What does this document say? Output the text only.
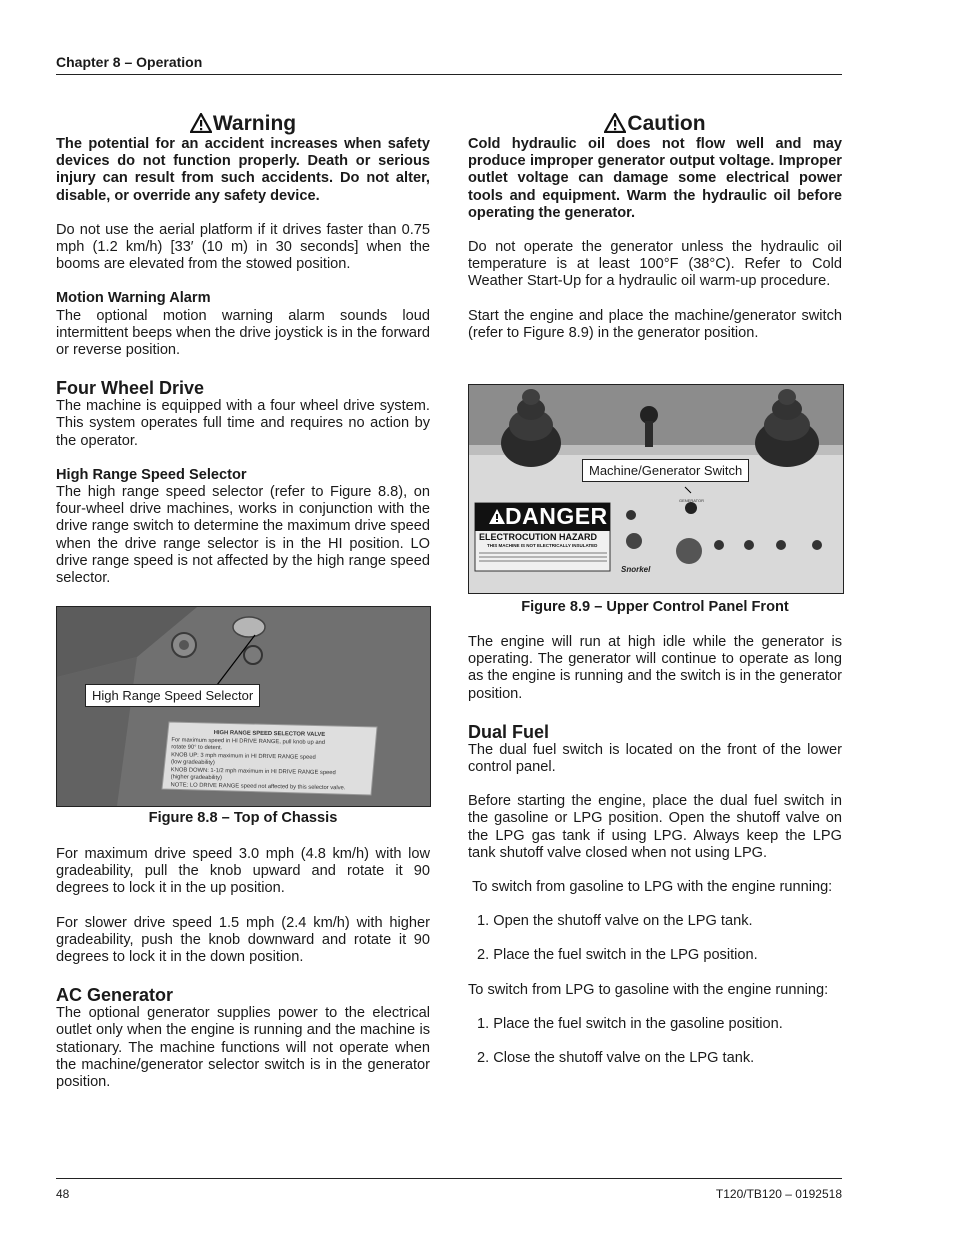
Chapter 8 – Operation
Warning

The potential for an accident increases when safety devices do not function properly. Death or serious injury can result from such accidents. Do not alter, disable, or override any safety device.

Do not use the aerial platform if it drives faster than 0.75 mph (1.2 km/h) [33′ (10 m) in 30 seconds] when the booms are elevated from the stowed position.

Motion Warning Alarm

The optional motion warning alarm sounds loud intermittent beeps when the drive joystick is in the forward or reverse position.

Four Wheel Drive

The machine is equipped with a four wheel drive system. This system operates full time and requires no action by the operator.

High Range Speed Selector

The high range speed selector (refer to Figure 8.8), on four-wheel drive machines, works in conjunction with the drive range switch to determine the maximum drive speed when the drive range selector is in the HI position. LO drive range speed is not affected by the high range speed selector.

HIGH RANGE SPEED SELECTOR VALVE
For maximum speed in HI DRIVE RANGE, pull knob up and
rotate 90° to detent.
KNOB UP: 3 mph maximum in HI DRIVE RANGE speed
(low gradeability)
KNOB DOWN: 1-1/2 mph maximum in HI DRIVE RANGE speed
(higher gradeability)
NOTE: LO DRIVE RANGE speed not affected by this selector valve.
High Range Speed Selector
Figure 8.8 – Top of Chassis

For maximum drive speed 3.0 mph (4.8 km/h) with low gradeability, pull the knob upward and rotate it 90 degrees to lock it in the up position.

For slower drive speed 1.5 mph (2.4 km/h) with higher gradeability, push the knob downward and rotate it 90 degrees to lock it in the down position.

AC Generator

The optional generator supplies power to the electrical outlet only when the engine is running and the machine is stationary. The machine functions will not operate when the machine/generator selector switch is in the generator position.

Caution

Cold hydraulic oil does not flow well and may produce improper generator output voltage. Improper outlet voltage can damage some electrical power tools and equipment. Warm the hydraulic oil before operating the generator.

Do not operate the generator unless the hydraulic oil temperature is at least 100°F (38°C). Refer to Cold Weather Start-Up for a hydraulic oil warm-up procedure.

Start the engine and place the machine/generator switch (refer to Figure 8.9) in the generator position.

DANGER
ELECTROCUTION HAZARD
THIS MACHINE IS NOT ELECTRICALLY INSULATED
Snorkel
GENERATOR
Machine/Generator Switch
Figure 8.9 – Upper Control Panel Front

The engine will run at high idle while the generator is operating. The generator will continue to operate as long as the engine is running and the switch is in the generator position.

Dual Fuel

The dual fuel switch is located on the front of the lower control panel.

Before starting the engine, place the dual fuel switch in the gasoline or LPG position. Open the shutoff valve on the LPG gas tank if using LPG. Always keep the LPG tank shutoff valve closed when not using LPG.

To switch from gasoline to LPG with the engine running:

1. Open the shutoff valve on the LPG tank.

2. Place the fuel switch in the LPG position.

To switch from LPG to gasoline with the engine running:

1. Place the fuel switch in the gasoline position.

2. Close the shutoff valve on the LPG tank.

48	T120/TB120 – 0192518
